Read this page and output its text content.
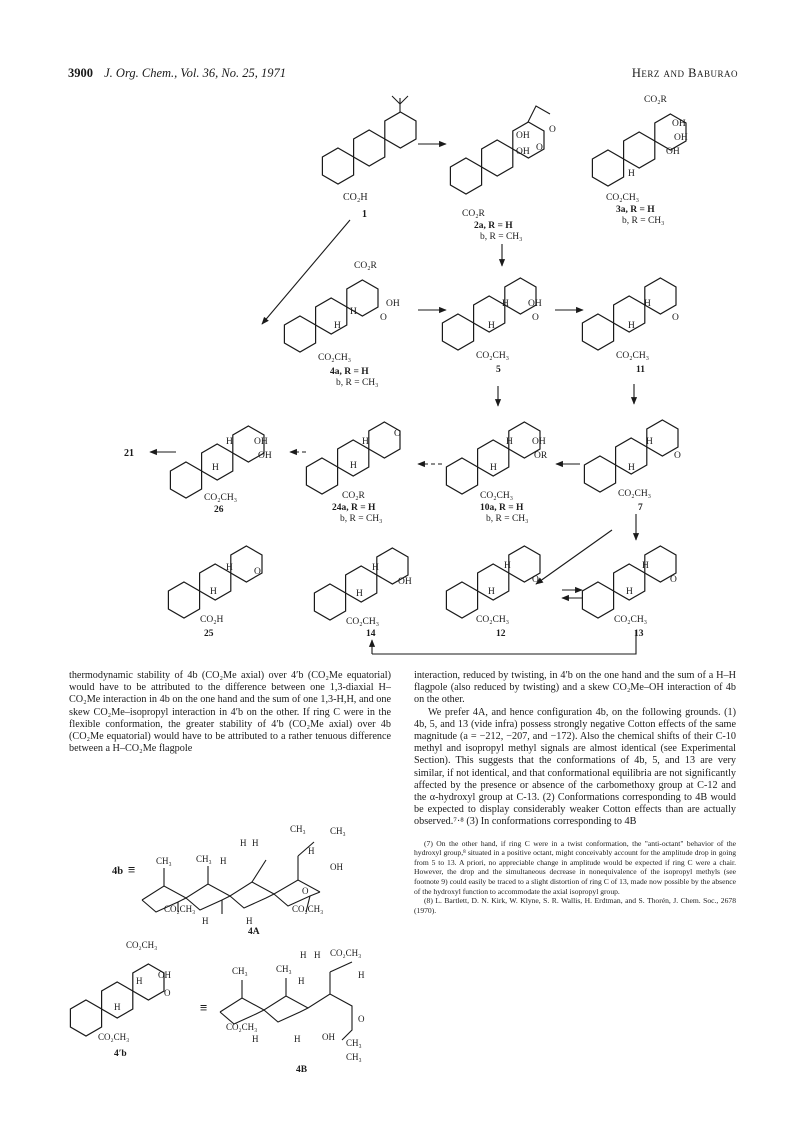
3900 J. Org. Chem., Vol. 36, No. 25, 1971	Herz and Baburao
CO₂H
1
OH
OH
O
O
CO₂R
2a, R = H
b, R = CH₃
CO₂R
OH
OH
OH
H
CO₂CH₃
3a, R = H
b, R = CH₃
CO₂R
OH
O
H
H
CO₂CH₃
4a, R = H
b, R = CH₃
H OH
O
H
CO₂CH₃
5
H
O
H
CO₂CH₃
11
21
H OH
OH
H
CO₂CH₃
26
H
O
H
CO₂R
24a, R = H
b, R = CH₃
H OH
OR
H
CO₂CH₃
10a, R = H
b, R = CH₃
H
O
H
CO₂CH₃
7
H O
H
CO₂H
25
H
OH
H
CO₂CH₃
14
H
O
H
CO₂CH₃
12
H
O
H
CO₂CH₃
13

thermodynamic stability of 4b (CO₂Me axial) over 4′b (CO₂Me equatorial) would have to be attributed to the difference between one 1,3-diaxial H–CO₂Me interaction in 4b on the one hand and the sum of one 1,3-H,H, and one skew CO₂Me–isopropyl interaction in 4′b on the other. If ring C were in the flexible conformation, the greater stability of 4′b (CO₂Me axial) over 4b (CO₂Me equatorial) would have to be attributed to a rather tenuous difference between a H–CO₂Me flagpole

4b ≡
CH₃	CH₃
H H
H
CH₃
H
CH₃
OH
O
CO₂CH₃	CO₂CH₃
H	H
4A
CO₂CH₃
OH
H
O
H
CO₂CH₃
4′b
≡
CH₃	CH₃
H H CO₂CH₃
H
H
CO₂CH₃
H	H
O
OH
CH₃
CH₃
4B

interaction, reduced by twisting, in 4′b on the one hand and the sum of a H–H flagpole (also reduced by twisting) and a skew CO₂Me–OH interaction of 4b on the other.

We prefer 4A, and hence configuration 4b, on the following grounds. (1) 4b, 5, and 13 (vide infra) possess strongly negative Cotton effects of the same magnitude (a = −212, −207, and −172). Also the chemical shifts of their C-10 methyl and isopropyl methyl signals are almost identical (see Experimental Section). This suggests that the conformations of 4b, 5, and 13 are very similar, if not identical, and that conformational equilibria are not significantly affected by the presence or absence of the carbomethoxy group at C-12 and the α-hydroxyl group at C-13. (2) Conformations corresponding to 4B would be expected to display considerably weaker Cotton effects than are actually observed.⁷·⁸ (3) In conformations corresponding to 4B

(7) On the other hand, if ring C were in a twist conformation, the "anti-octant" behavior of the hydroxyl group,⁸ situated in a positive octant, might conceivably account for the amplitude drop in going from 5 to 13. A priori, no appreciable change in amplitude would be expected if ring C were a chair. However, the drop and the simultaneous decrease in nonequivalence of the isopropyl methyls (see footnote 9) could easily be traced to a slight distortion of ring C of 13, made now possible by the absence of the hydroxyl function to accommodate the axial isopropyl group.

(8) L. Bartlett, D. N. Kirk, W. Klyne, S. R. Wallis, H. Erdtman, and S. Thorén, J. Chem. Soc., 2678 (1970).
